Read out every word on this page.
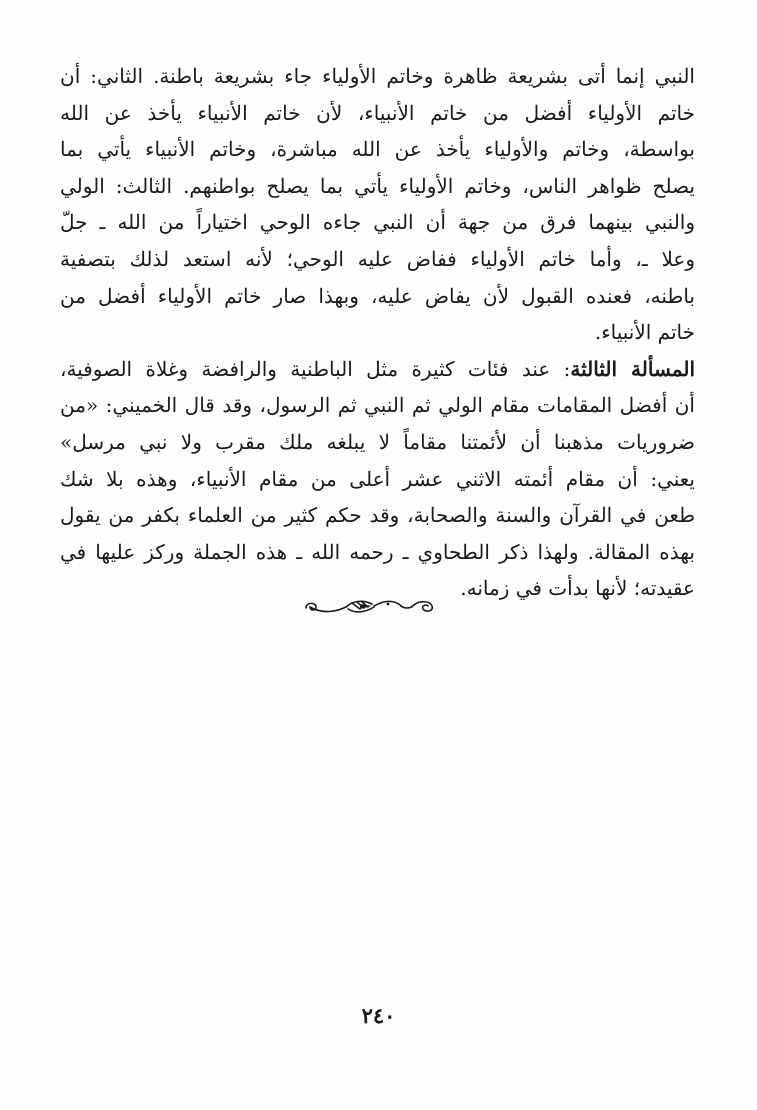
النبي إنما أتى بشريعة ظاهرة وخاتم الأولياء جاء بشريعة باطنة. الثاني: أن
خاتم الأولياء أفضل من خاتم الأنبياء، لأن خاتم الأنبياء يأخذ عن الله
بواسطة، وخاتم والأولياء يأخذ عن الله مباشرة، وخاتم الأنبياء يأتي بما
يصلح ظواهر الناس، وخاتم الأولياء يأتي بما يصلح بواطنهم. الثالث: الولي
والنبي بينهما فرق من جهة أن النبي جاءه الوحي اختياراً من الله ـ جلّ
وعلا ـ، وأما خاتم الأولياء ففاض عليه الوحي؛ لأنه استعد لذلك بتصفية
باطنه، فعنده القبول لأن يفاض عليه، وبهذا صار خاتم الأولياء أفضل من
خاتم الأنبياء.
المسألة الثالثة: عند فئات كثيرة مثل الباطنية والرافضة وغلاة الصوفية،
أن أفضل المقامات مقام الولي ثم النبي ثم الرسول، وقد قال الخميني: «من
ضروريات مذهبنا أن لأئمتنا مقاماً لا يبلغه ملك مقرب ولا نبي مرسل»
يعني: أن مقام أئمته الاثني عشر أعلى من مقام الأنبياء، وهذه بلا شك
طعن في القرآن والسنة والصحابة، وقد حكم كثير من العلماء بكفر من يقول
بهذه المقالة. ولهذا ذكر الطحاوي ـ رحمه الله ـ هذه الجملة وركز عليها في
عقيدته؛ لأنها بدأت في زمانه.
٢٤٠
